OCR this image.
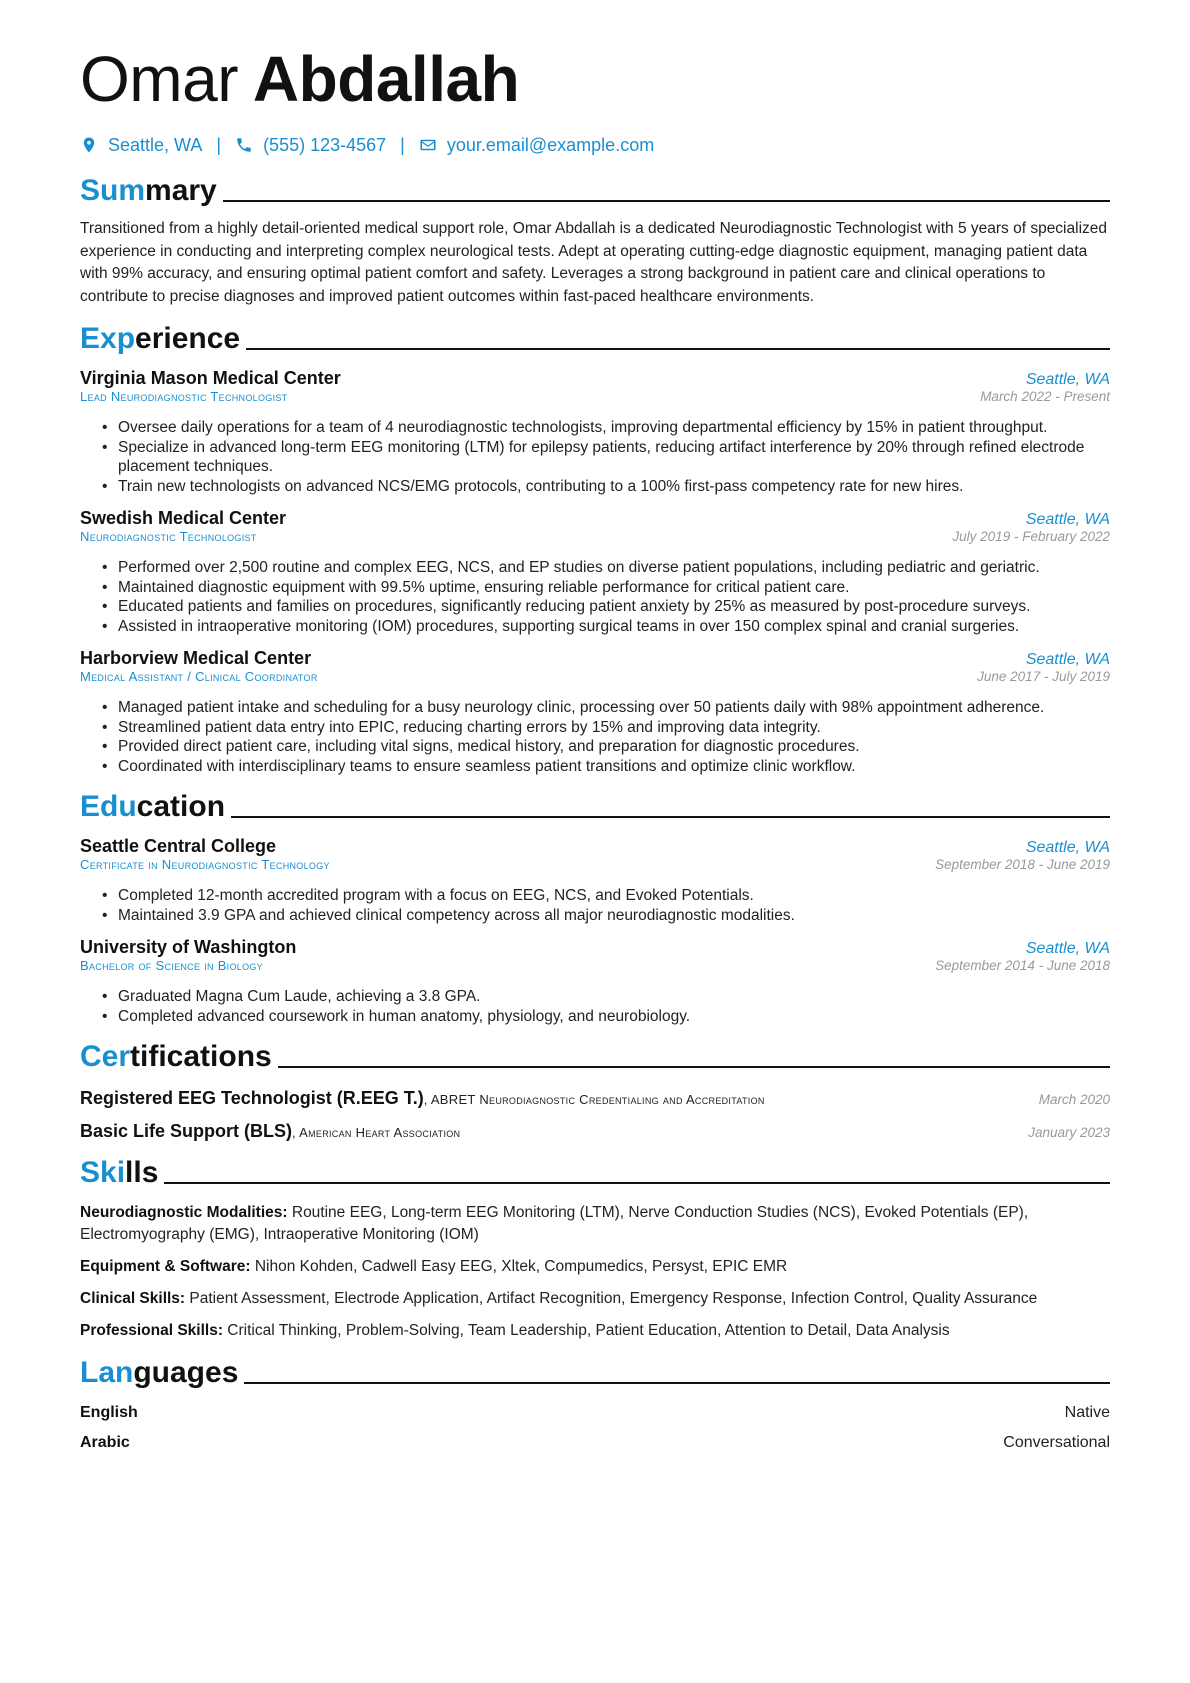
Omar Abdallah
Seattle, WA | (555) 123-4567 | your.email@example.com
Summary

Transitioned from a highly detail-oriented medical support role, Omar Abdallah is a dedicated Neurodiagnostic Technologist with 5 years of specialized experience in conducting and interpreting complex neurological tests. Adept at operating cutting-edge diagnostic equipment, managing patient data with 99% accuracy, and ensuring optimal patient comfort and safety. Leverages a strong background in patient care and clinical operations to contribute to precise diagnoses and improved patient outcomes within fast-paced healthcare environments.

Experience
Virginia Mason Medical Center	Seattle, WA
Lead Neurodiagnostic Technologist	March 2022 - Present
• Oversee daily operations for a team of 4 neurodiagnostic technologists, improving departmental efficiency by 15% in patient throughput.
• Specialize in advanced long-term EEG monitoring (LTM) for epilepsy patients, reducing artifact interference by 20% through refined electrode placement techniques.
• Train new technologists on advanced NCS/EMG protocols, contributing to a 100% first-pass competency rate for new hires.
Swedish Medical Center	Seattle, WA
Neurodiagnostic Technologist	July 2019 - February 2022
• Performed over 2,500 routine and complex EEG, NCS, and EP studies on diverse patient populations, including pediatric and geriatric.
• Maintained diagnostic equipment with 99.5% uptime, ensuring reliable performance for critical patient care.
• Educated patients and families on procedures, significantly reducing patient anxiety by 25% as measured by post-procedure surveys.
• Assisted in intraoperative monitoring (IOM) procedures, supporting surgical teams in over 150 complex spinal and cranial surgeries.
Harborview Medical Center	Seattle, WA
Medical Assistant / Clinical Coordinator	June 2017 - July 2019
• Managed patient intake and scheduling for a busy neurology clinic, processing over 50 patients daily with 98% appointment adherence.
• Streamlined patient data entry into EPIC, reducing charting errors by 15% and improving data integrity.
• Provided direct patient care, including vital signs, medical history, and preparation for diagnostic procedures.
• Coordinated with interdisciplinary teams to ensure seamless patient transitions and optimize clinic workflow.
Education
Seattle Central College	Seattle, WA
Certificate in Neurodiagnostic Technology	September 2018 - June 2019
• Completed 12-month accredited program with a focus on EEG, NCS, and Evoked Potentials.
• Maintained 3.9 GPA and achieved clinical competency across all major neurodiagnostic modalities.
University of Washington	Seattle, WA
Bachelor of Science in Biology	September 2014 - June 2018
• Graduated Magna Cum Laude, achieving a 3.8 GPA.
• Completed advanced coursework in human anatomy, physiology, and neurobiology.
Certifications
Registered EEG Technologist (R.EEG T.), ABRET Neurodiagnostic Credentialing and Accreditation	March 2020
Basic Life Support (BLS), American Heart Association	January 2023
Skills
Neurodiagnostic Modalities: Routine EEG, Long-term EEG Monitoring (LTM), Nerve Conduction Studies (NCS), Evoked Potentials (EP), Electromyography (EMG), Intraoperative Monitoring (IOM)
Equipment & Software: Nihon Kohden, Cadwell Easy EEG, Xltek, Compumedics, Persyst, EPIC EMR
Clinical Skills: Patient Assessment, Electrode Application, Artifact Recognition, Emergency Response, Infection Control, Quality Assurance
Professional Skills: Critical Thinking, Problem-Solving, Team Leadership, Patient Education, Attention to Detail, Data Analysis
Languages
English	Native
Arabic	Conversational
